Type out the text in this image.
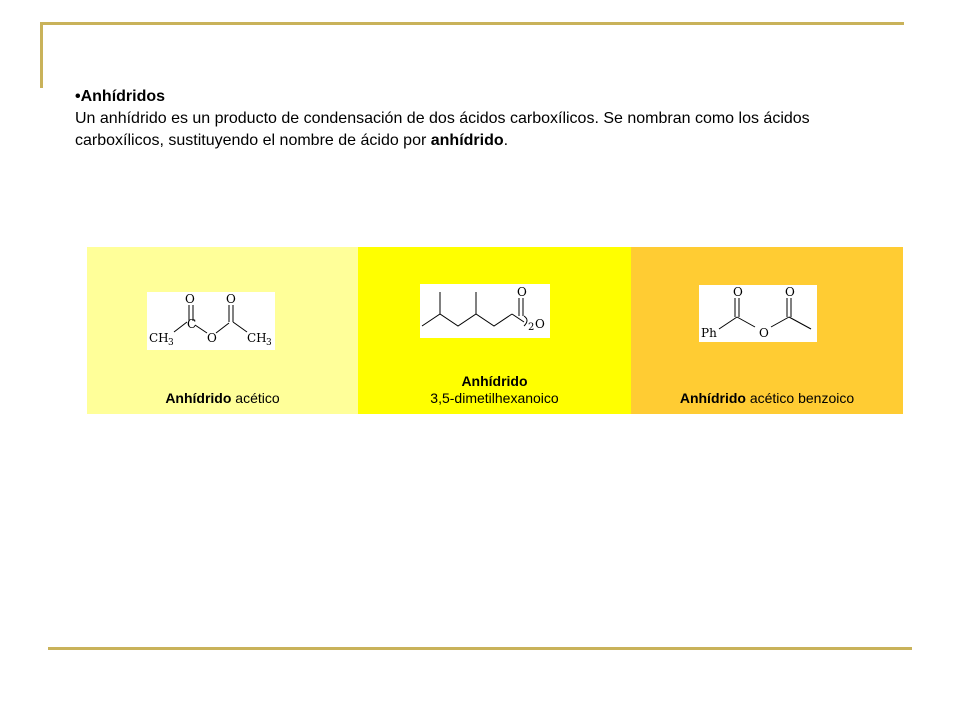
•Anhídridos
Un anhídrido es un producto de condensación de dos ácidos carboxílicos. Se nombran como los ácidos carboxílicos, sustituyendo el nombre de ácido por anhídrido.
O	O
CH 3
C
O	CH 3
Anhídrido acético
O
2 O
Anhídrido
3,5-dimetilhexanoico
O	O
Ph	O
Anhídrido acético benzoico
